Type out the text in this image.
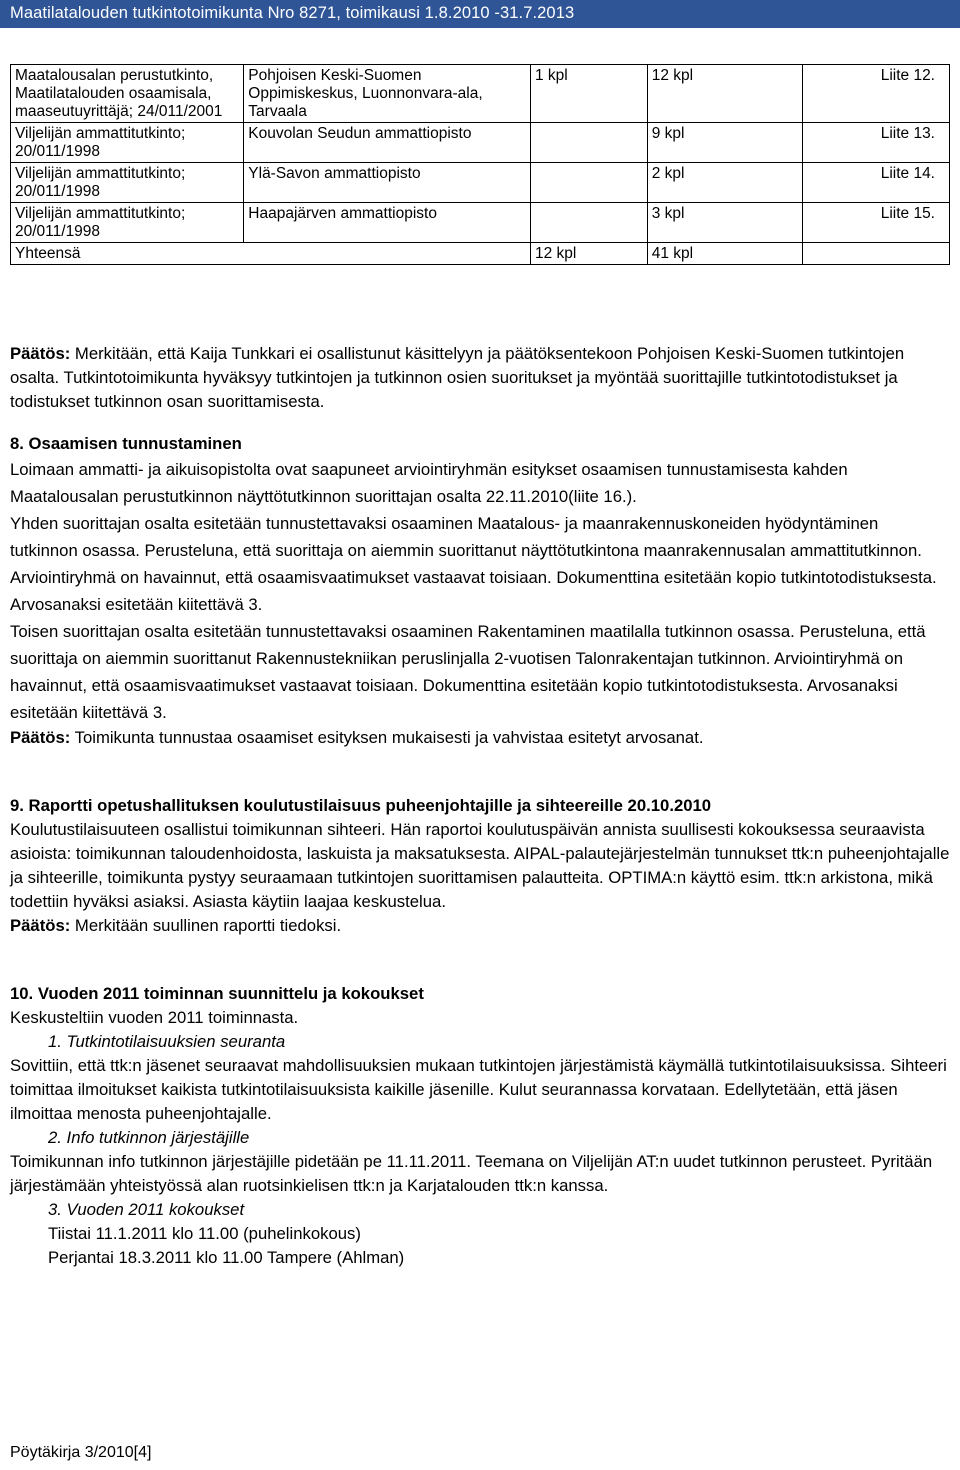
Maatilatalouden tutkintotoimikunta Nro 8271, toimikausi 1.8.2010 -31.7.2013
Maatalousalan perustutkinto, Maatilatalouden osaamisala, maaseutuyrittäjä; 24/011/2001	Pohjoisen Keski-Suomen Oppimiskeskus, Luonnonvara-ala, Tarvaala	1 kpl	12 kpl	Liite 12.
Viljelijän ammattitutkinto; 20/011/1998	Kouvolan Seudun ammattiopisto		9 kpl	Liite 13.
Viljelijän ammattitutkinto; 20/011/1998	Ylä-Savon ammattiopisto		2 kpl	Liite 14.
Viljelijän ammattitutkinto; 20/011/1998	Haapajärven ammattiopisto		3 kpl	Liite 15.
Yhteensä		12 kpl	41 kpl	

Päätös: Merkitään, että Kaija Tunkkari ei osallistunut käsittelyyn ja päätöksentekoon Pohjoisen Keski-Suomen tutkintojen osalta. Tutkintotoimikunta hyväksyy tutkintojen ja tutkinnon osien suoritukset ja myöntää suorittajille tutkintotodistukset ja todistukset tutkinnon osan suorittamisesta.

8. Osaamisen tunnustaminen

Loimaan ammatti- ja aikuisopistolta ovat saapuneet arviointiryhmän esitykset osaamisen tunnustamisesta kahden Maatalousalan perustutkinnon näyttötutkinnon suorittajan osalta 22.11.2010(liite 16.).

Yhden suorittajan osalta esitetään tunnustettavaksi osaaminen Maatalous- ja maanrakennuskoneiden hyödyntäminen tutkinnon osassa. Perusteluna, että suorittaja on aiemmin suorittanut näyttötutkintona maanrakennusalan ammattitutkinnon. Arviointiryhmä on havainnut, että osaamisvaatimukset vastaavat toisiaan. Dokumenttina esitetään kopio tutkintotodistuksesta. Arvosanaksi esitetään kiitettävä 3.

Toisen suorittajan osalta esitetään tunnustettavaksi osaaminen Rakentaminen maatilalla tutkinnon osassa. Perusteluna, että suorittaja on aiemmin suorittanut Rakennustekniikan peruslinjalla 2-vuotisen Talonrakentajan tutkinnon. Arviointiryhmä on havainnut, että osaamisvaatimukset vastaavat toisiaan. Dokumenttina esitetään kopio tutkintotodistuksesta. Arvosanaksi esitetään kiitettävä 3.

Päätös: Toimikunta tunnustaa osaamiset esityksen mukaisesti ja vahvistaa esitetyt arvosanat.

9. Raportti opetushallituksen koulutustilaisuus puheenjohtajille ja sihteereille 20.10.2010

Koulutustilaisuuteen osallistui toimikunnan sihteeri. Hän raportoi koulutuspäivän annista suullisesti kokouksessa seuraavista asioista: toimikunnan taloudenhoidosta, laskuista ja maksatuksesta. AIPAL-palautejärjestelmän tunnukset ttk:n puheenjohtajalle ja sihteerille, toimikunta pystyy seuraamaan tutkintojen suorittamisen palautteita. OPTIMA:n käyttö esim. ttk:n arkistona, mikä todettiin hyväksi asiaksi. Asiasta käytiin laajaa keskustelua.

Päätös: Merkitään suullinen raportti tiedoksi.

10. Vuoden 2011 toiminnan suunnittelu ja kokoukset

Keskusteltiin vuoden 2011 toiminnasta.

1. Tutkintotilaisuuksien seuranta

Sovittiin, että ttk:n jäsenet seuraavat mahdollisuuksien mukaan tutkintojen järjestämistä käymällä tutkintotilaisuuksissa. Sihteeri toimittaa ilmoitukset kaikista tutkintotilaisuuksista kaikille jäsenille. Kulut seurannassa korvataan. Edellytetään, että jäsen ilmoittaa menosta puheenjohtajalle.

2. Info tutkinnon järjestäjille

Toimikunnan info tutkinnon järjestäjille pidetään pe 11.11.2011. Teemana on Viljelijän AT:n uudet tutkinnon perusteet. Pyritään järjestämään yhteistyössä alan ruotsinkielisen ttk:n ja Karjatalouden ttk:n kanssa.

3. Vuoden 2011 kokoukset

Tiistai 11.1.2011 klo 11.00 (puhelinkokous)

Perjantai 18.3.2011 klo 11.00 Tampere (Ahlman)

Pöytäkirja 3/2010[4]
